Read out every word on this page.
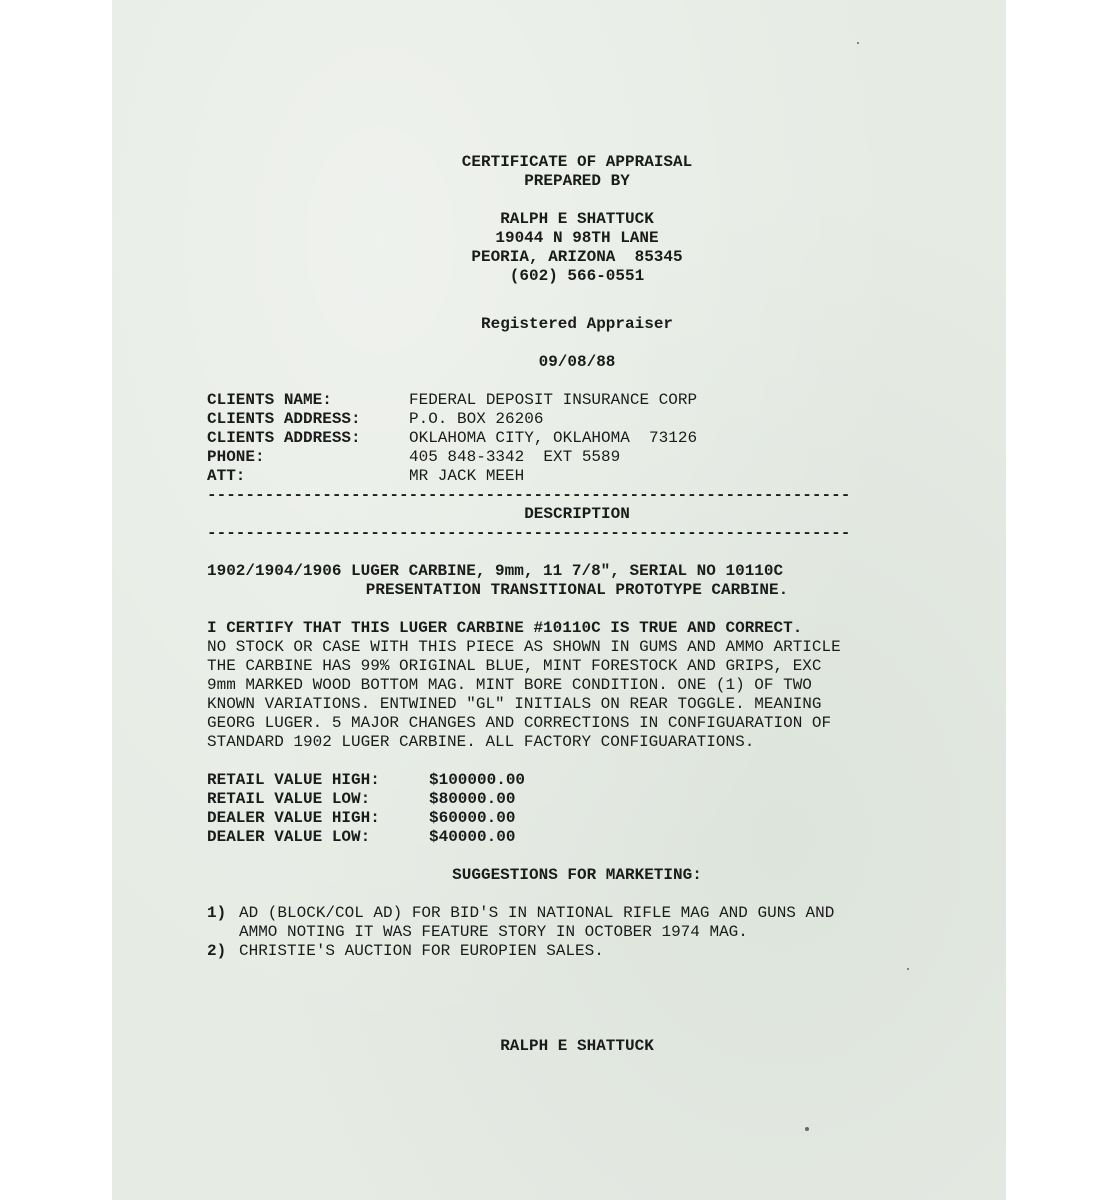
CERTIFICATE OF APPRAISAL
PREPARED BY
RALPH E SHATTUCK
19044 N 98TH LANE
PEORIA, ARIZONA  85345
(602) 566-0551
Registered Appraiser
09/08/88
CLIENTS NAME:	FEDERAL DEPOSIT INSURANCE CORP
CLIENTS ADDRESS:	P.O. BOX 26206
CLIENTS ADDRESS:	OKLAHOMA CITY, OKLAHOMA  73126
PHONE:	405 848-3342  EXT 5589
ATT:	MR JACK MEEH
-------------------------------------------------------------------
DESCRIPTION
-------------------------------------------------------------------
1902/1904/1906 LUGER CARBINE, 9mm, 11 7/8", SERIAL NO 10110C
PRESENTATION TRANSITIONAL PROTOTYPE CARBINE.
I CERTIFY THAT THIS LUGER CARBINE #10110C IS TRUE AND CORRECT.
NO STOCK OR CASE WITH THIS PIECE AS SHOWN IN GUMS AND AMMO ARTICLE
THE CARBINE HAS 99% ORIGINAL BLUE, MINT FORESTOCK AND GRIPS, EXC
9mm MARKED WOOD BOTTOM MAG. MINT BORE CONDITION. ONE (1) OF TWO
KNOWN VARIATIONS. ENTWINED "GL" INITIALS ON REAR TOGGLE. MEANING
GEORG LUGER. 5 MAJOR CHANGES AND CORRECTIONS IN CONFIGUARATION OF
STANDARD 1902 LUGER CARBINE. ALL FACTORY CONFIGUARATIONS.
RETAIL VALUE HIGH:	$100000.00
RETAIL VALUE LOW:	$80000.00
DEALER VALUE HIGH:	$60000.00
DEALER VALUE LOW:	$40000.00
SUGGESTIONS FOR MARKETING:
1) AD (BLOCK/COL AD) FOR BID'S IN NATIONAL RIFLE MAG AND GUNS AND
AMMO NOTING IT WAS FEATURE STORY IN OCTOBER 1974 MAG.
2) CHRISTIE'S AUCTION FOR EUROPIEN SALES.
RALPH E SHATTUCK
